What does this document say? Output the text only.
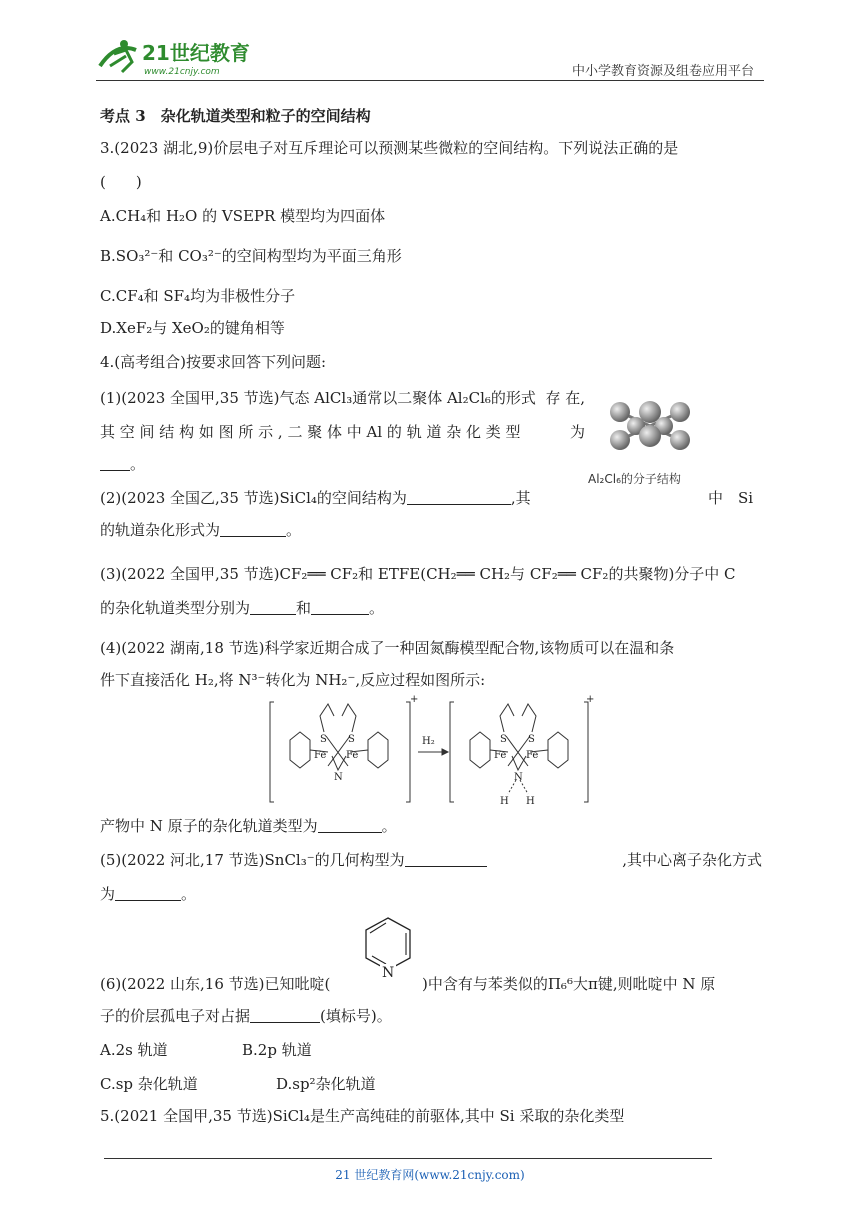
21世纪教育
www.21cnjy.com	中小学教育资源及组卷应用平台
考点 3　杂化轨道类型和粒子的空间结构
3.(2023 湖北,9)价层电子对互斥理论可以预测某些微粒的空间结构。下列说法正确的是
(　　)
A.CH₄和 H₂O 的 VSEPR 模型均为四面体
B.SO₃²⁻和 CO₃²⁻的空间构型均为平面三角形
C.CF₄和 SF₄均为非极性分子
D.XeF₂与 XeO₂的键角相等
4.(高考组合)按要求回答下列问题:
(1)(2023 全国甲,35 节选)气态 AlCl₃通常以二聚体 Al₂Cl₆的形式 存 在,
其 空 间 结 构 如 图 所 示 , 二 聚 体 中 Al 的 轨 道 杂 化 类 型	为
。
(2)(2023 全国乙,35 节选)SiCl₄的空间结构为	,其	中　Si
的轨道杂化形式为	。
(3)(2022 全国甲,35 节选)CF₂══ CF₂和 ETFE(CH₂══ CH₂与 CF₂══ CF₂的共聚物)分子中 C
的杂化轨道类型分别为	和	。
(4)(2022 湖南,18 节选)科学家近期合成了一种固氮酶模型配合物,该物质可以在温和条
件下直接活化 H₂,将 N³⁻转化为 NH₂⁻,反应过程如图所示:
产物中 N 原子的杂化轨道类型为	。
(5)(2022 河北,17 节选)SnCl₃⁻的几何构型为	,其中心离子杂化方式
为	。
(6)(2022 山东,16 节选)已知吡啶(	)中含有与苯类似的Π₆⁶大π键,则吡啶中 N 原
子的价层孤电子对占据	(填标号)。
A.2s 轨道	B.2p 轨道
C.sp 杂化轨道	D.sp²杂化轨道
5.(2021 全国甲,35 节选)SiCl₄是生产高纯硅的前驱体,其中 Si 采取的杂化类型
Al₂Cl₆的分子结构
S S
Fe Fe
N
S S
Fe Fe
N
H H
H₂
+	+
N
21 世纪教育网(www.21cnjy.com)
